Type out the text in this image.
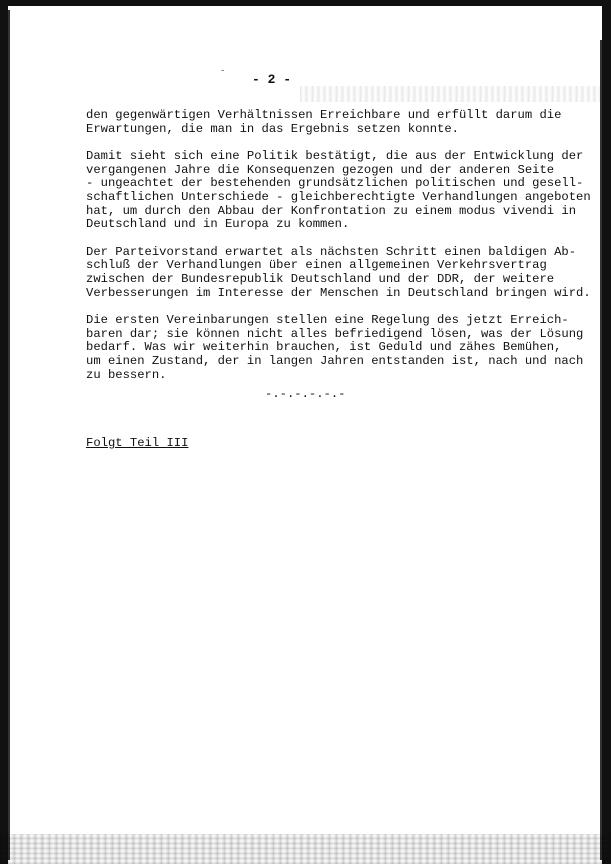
-
- 2 -
den gegenwärtigen Verhältnissen Erreichbare und erfüllt darum die
Erwartungen, die man in das Ergebnis setzen konnte.
Damit sieht sich eine Politik bestätigt, die aus der Entwicklung der
vergangenen Jahre die Konsequenzen gezogen und der anderen Seite
- ungeachtet der bestehenden grundsätzlichen politischen und gesell-
schaftlichen Unterschiede - gleichberechtigte Verhandlungen angeboten
hat, um durch den Abbau der Konfrontation zu einem modus vivendi in
Deutschland und in Europa zu kommen.
Der Parteivorstand erwartet als nächsten Schritt einen baldigen Ab-
schluß der Verhandlungen über einen allgemeinen Verkehrsvertrag
zwischen der Bundesrepublik Deutschland und der DDR, der weitere
Verbesserungen im Interesse der Menschen in Deutschland bringen wird.
Die ersten Vereinbarungen stellen eine Regelung des jetzt Erreich-
baren dar; sie können nicht alles befriedigend lösen, was der Lösung
bedarf. Was wir weiterhin brauchen, ist Geduld und zähes Bemühen,
um einen Zustand, der in langen Jahren entstanden ist, nach und nach
zu bessern.
-.-.-.-.-.-
Folgt Teil III
